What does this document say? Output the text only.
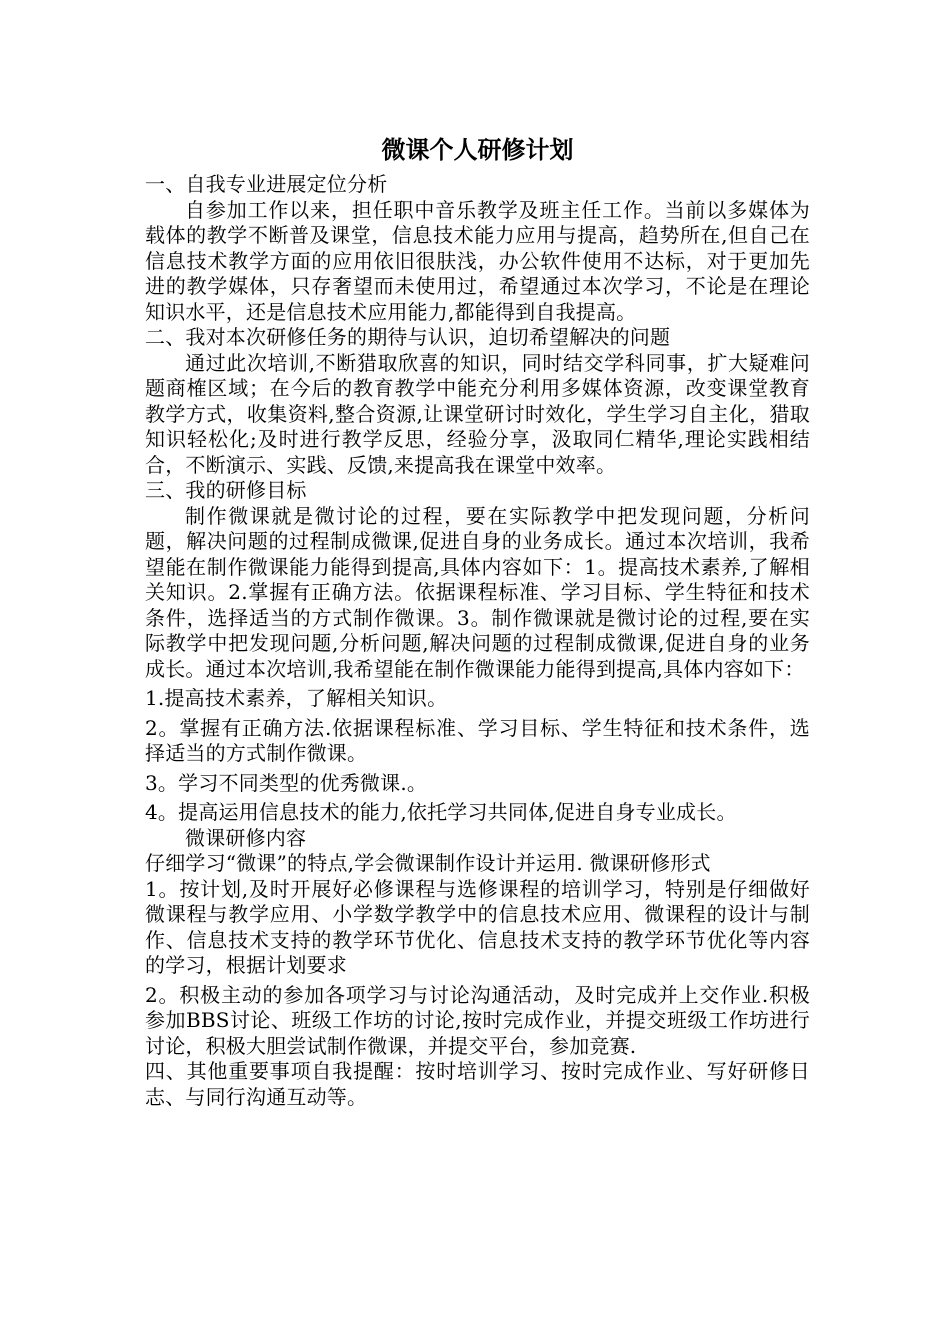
微课个人研修计划

一、自我专业进展定位分析

自参加工作以来，担任职中音乐教学及班主任工作。当前以多媒体为载体的教学不断普及课堂，信息技术能力应用与提高，趋势所在,但自己在信息技术教学方面的应用依旧很肤浅，办公软件使用不达标，对于更加先进的教学媒体，只存奢望而未使用过，希望通过本次学习，不论是在理论知识水平，还是信息技术应用能力,都能得到自我提高。

二、我对本次研修任务的期待与认识，迫切希望解决的问题

通过此次培训,不断猎取欣喜的知识，同时结交学科同事，扩大疑难问题商榷区域；在今后的教育教学中能充分利用多媒体资源，改变课堂教育教学方式，收集资料,整合资源,让课堂研讨时效化，学生学习自主化，猎取知识轻松化;及时进行教学反思，经验分享，汲取同仁精华,理论实践相结合，不断演示、实践、反馈,来提高我在课堂中效率。

三、我的研修目标

制作微课就是微讨论的过程，要在实际教学中把发现问题，分析问题，解决问题的过程制成微课,促进自身的业务成长。通过本次培训，我希望能在制作微课能力能得到提高,具体内容如下：1。提高技术素养,了解相关知识。2.掌握有正确方法。依据课程标准、学习目标、学生特征和技术条件，选择适当的方式制作微课。3。制作微课就是微讨论的过程,要在实际教学中把发现问题,分析问题,解决问题的过程制成微课,促进自身的业务成长。通过本次培训,我希望能在制作微课能力能得到提高,具体内容如下：

1.提高技术素养，了解相关知识。

2。掌握有正确方法.依据课程标准、学习目标、学生特征和技术条件，选择适当的方式制作微课。

3。学习不同类型的优秀微课.。

4。提高运用信息技术的能力,依托学习共同体,促进自身专业成长。

微课研修内容

仔细学习“微课”的特点,学会微课制作设计并运用. 微课研修形式

1。按计划,及时开展好必修课程与选修课程的培训学习，特别是仔细做好微课程与教学应用、小学数学教学中的信息技术应用、微课程的设计与制作、信息技术支持的教学环节优化、信息技术支持的教学环节优化等内容的学习，根据计划要求

2。积极主动的参加各项学习与讨论沟通活动，及时完成并上交作业.积极参加BBS讨论、班级工作坊的讨论,按时完成作业，并提交班级工作坊进行讨论，积极大胆尝试制作微课，并提交平台，参加竞赛.

四、其他重要事项自我提醒：按时培训学习、按时完成作业、写好研修日志、与同行沟通互动等。
